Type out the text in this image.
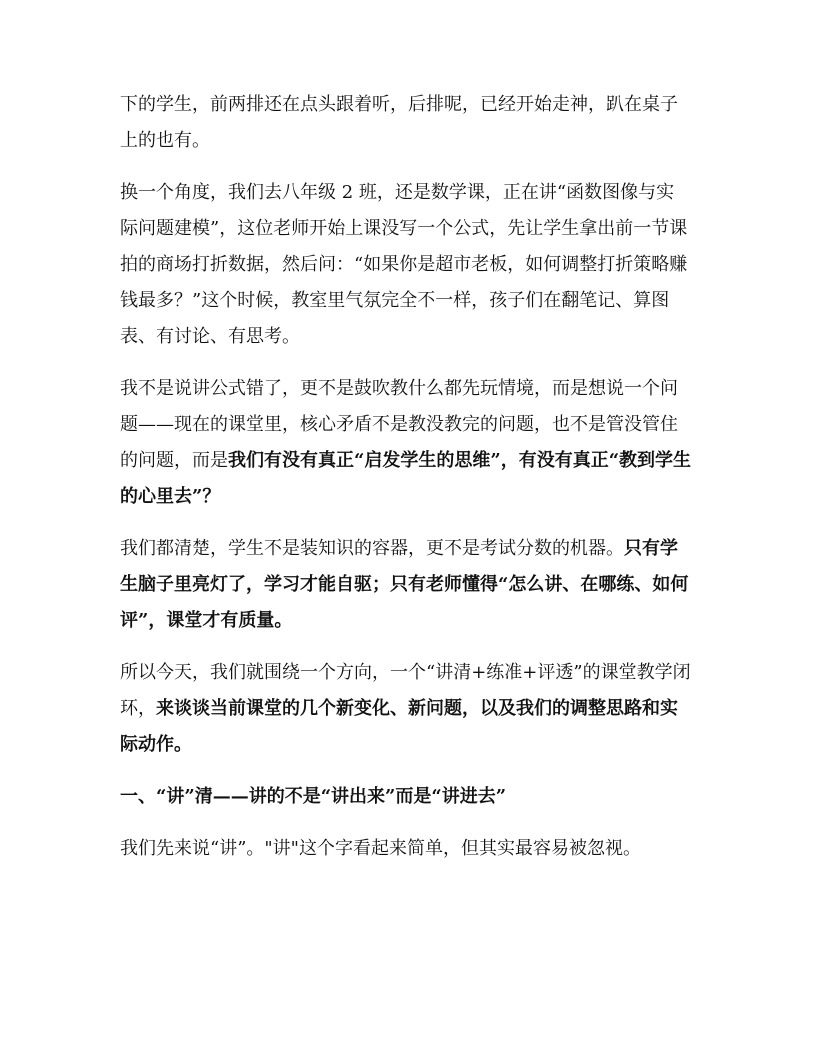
下的学生，前两排还在点头跟着听，后排呢，已经开始走神，趴在桌子上的也有。

换一个角度，我们去八年级 2 班，还是数学课，正在讲“函数图像与实际问题建模”，这位老师开始上课没写一个公式，先让学生拿出前一节课拍的商场打折数据，然后问：“如果你是超市老板，如何调整打折策略赚钱最多？”这个时候，教室里气氛完全不一样，孩子们在翻笔记、算图表、有讨论、有思考。

我不是说讲公式错了，更不是鼓吹教什么都先玩情境，而是想说一个问题——现在的课堂里，核心矛盾不是教没教完的问题，也不是管没管住的问题，而是我们有没有真正“启发学生的思维”，有没有真正“教到学生的心里去”？

我们都清楚，学生不是装知识的容器，更不是考试分数的机器。只有学生脑子里亮灯了，学习才能自驱；只有老师懂得“怎么讲、在哪练、如何评”，课堂才有质量。

所以今天，我们就围绕一个方向，一个“讲清+练准+评透”的课堂教学闭环，来谈谈当前课堂的几个新变化、新问题，以及我们的调整思路和实际动作。

一、“讲”清——讲的不是“讲出来”而是“讲进去”

我们先来说“讲”。"讲"这个字看起来简单，但其实最容易被忽视。
